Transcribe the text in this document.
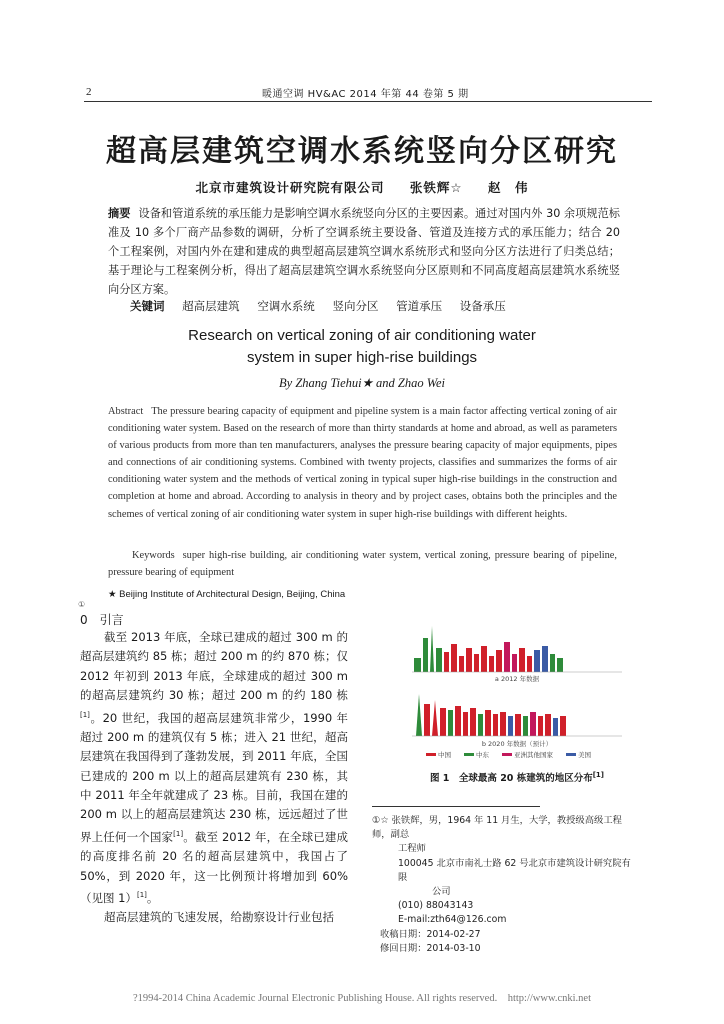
2	暖通空调 HV&AC 2014 年第 44 卷第 5 期
超高层建筑空调水系统竖向分区研究
北京市建筑设计研究院有限公司 张铁辉☆ 赵　伟
摘要 设备和管道系统的承压能力是影响空调水系统竖向分区的主要因素。通过对国内外 30 余项规范标准及 10 多个厂商产品参数的调研，分析了空调系统主要设备、管道及连接方式的承压能力；结合 20 个工程案例，对国内外在建和建成的典型超高层建筑空调水系统形式和竖向分区方法进行了归类总结；基于理论与工程案例分析，得出了超高层建筑空调水系统竖向分区原则和不同高度超高层建筑水系统竖向分区方案。
关键词 超高层建筑 空调水系统 竖向分区 管道承压 设备承压
Research on vertical zoning of air conditioning water
system in super high-rise buildings
By Zhang Tiehui★ and Zhao Wei
Abstract The pressure bearing capacity of equipment and pipeline system is a main factor affecting vertical zoning of air conditioning water system. Based on the research of more than thirty standards at home and abroad, as well as parameters of various products from more than ten manufacturers, analyses the pressure bearing capacity of major equipments, pipes and connections of air conditioning systems. Combined with twenty projects, classifies and summarizes the forms of air conditioning water system and the methods of vertical zoning in typical super high-rise buildings in the construction and completion at home and abroad. According to analysis in theory and by project cases, obtains both the principles and the schemes of vertical zoning of air conditioning water system in super high-rise buildings with different heights.
Keywords super high-rise building, air conditioning water system, vertical zoning, pressure bearing of pipeline, pressure bearing of equipment
★ Beijing Institute of Architectural Design, Beijing, China
①
0　引言

截至 2013 年底，全球已建成的超过 300 m 的超高层建筑约 85 栋；超过 200 m 的约 870 栋；仅 2012 年初到 2013 年底，全球建成的超过 300 m 的超高层建筑约 30 栋；超过 200 m 的约 180 栋[1]。20 世纪，我国的超高层建筑非常少，1990 年超过 200 m 的建筑仅有 5 栋；进入 21 世纪，超高层建筑在我国得到了蓬勃发展，到 2011 年底，全国已建成的 200 m 以上的超高层建筑有 230 栋，其中 2011 年全年就建成了 23 栋。目前，我国在建的 200 m 以上的超高层建筑达 230 栋，远远超过了世界上任何一个国家[1]。截至 2012 年，在全球已建成的高度排名前 20 名的超高层建筑中，我国占了 50%，到 2020 年，这一比例预计将增加到 60%（见图 1）[1]。

超高层建筑的飞速发展，给勘察设计行业包括

a 2012 年数据
b 2020 年数据（预计）
中国	中东	亚洲其他国家	美国
图 1　全球最高 20 栋建筑的地区分布[1]
①☆ 张铁辉，男，1964 年 11 月生，大学，教授级高级工程师，副总
工程师
100045 北京市南礼士路 62 号北京市建筑设计研究院有限
公司
(010) 88043143
E-mail:zth64@126.com
收稿日期：2014-02-27
修回日期：2014-03-10
?1994-2014 China Academic Journal Electronic Publishing House. All rights reserved.　http://www.cnki.net
